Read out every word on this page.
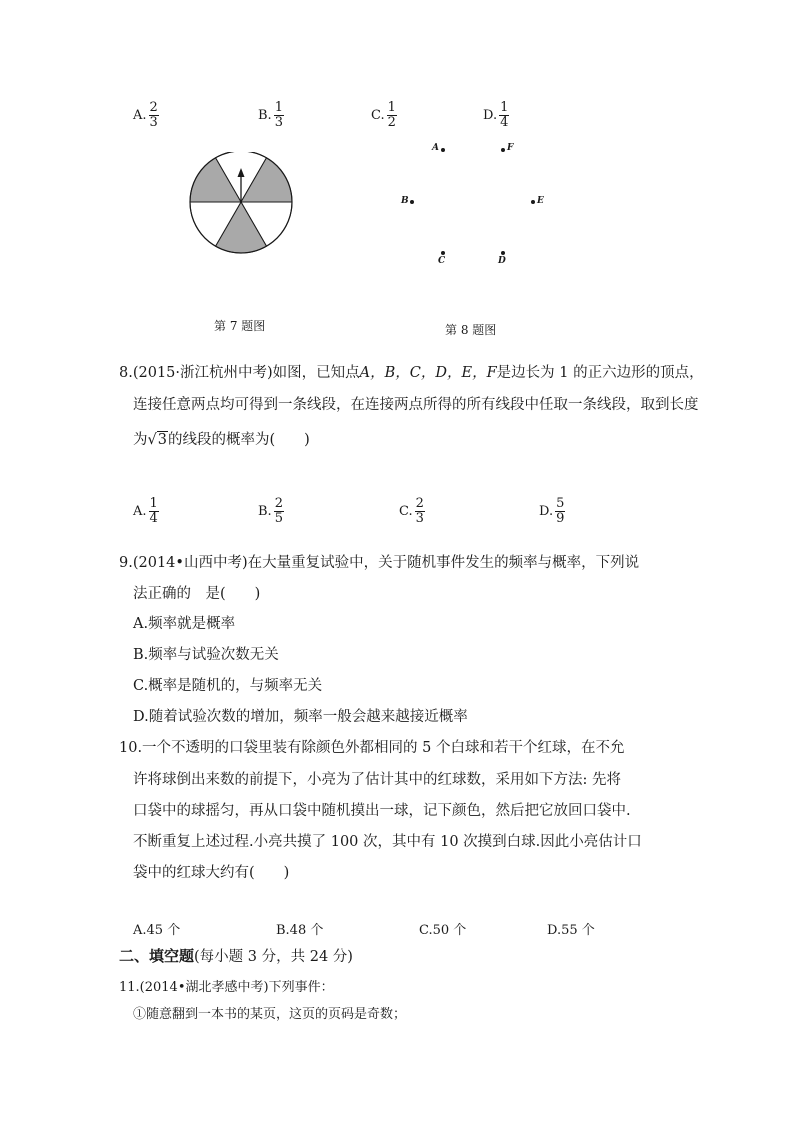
A. $\frac{2}{3}$	B. $\frac{1}{3}$	C. $\frac{1}{2}$	D. $\frac{1}{4}$
A	F
B	E
C	D
第 7 题图	第 8 题图
8.(2015·浙江杭州中考)如图，已知点A，B，C，D，E，F是边长为 1 的正六边形的顶点，
连接任意两点均可得到一条线段，在连接两点所得的所有线段中任取一条线段，取到长度
为√3的线段的概率为(　　)
A. $\frac{1}{4}$	B. $\frac{2}{5}$	C. $\frac{2}{3}$	D. $\frac{5}{9}$
9.(2014•山西中考)在大量重复试验中，关于随机事件发生的频率与概率，下列说
法正确的　是(　　)
A.频率就是概率
B.频率与试验次数无关
C.概率是随机的，与频率无关
D.随着试验次数的增加，频率一般会越来越接近概率
10.一个不透明的口袋里装有除颜色外都相同的 5 个白球和若干个红球，在不允
许将球倒出来数的前提下，小亮为了估计其中的红球数，采用如下方法: 先将
口袋中的球摇匀，再从口袋中随机摸出一球，记下颜色，然后把它放回口袋中.
不断重复上述过程.小亮共摸了 100 次，其中有 10 次摸到白球.因此小亮估计口
袋中的红球大约有(　　)
A.45 个	B.48 个	C.50 个	D.55 个
二、填空题(每小题 3 分，共 24 分)
11.(2014•湖北孝感中考)下列事件：
①随意翻到一本书的某页，这页的页码是奇数；
